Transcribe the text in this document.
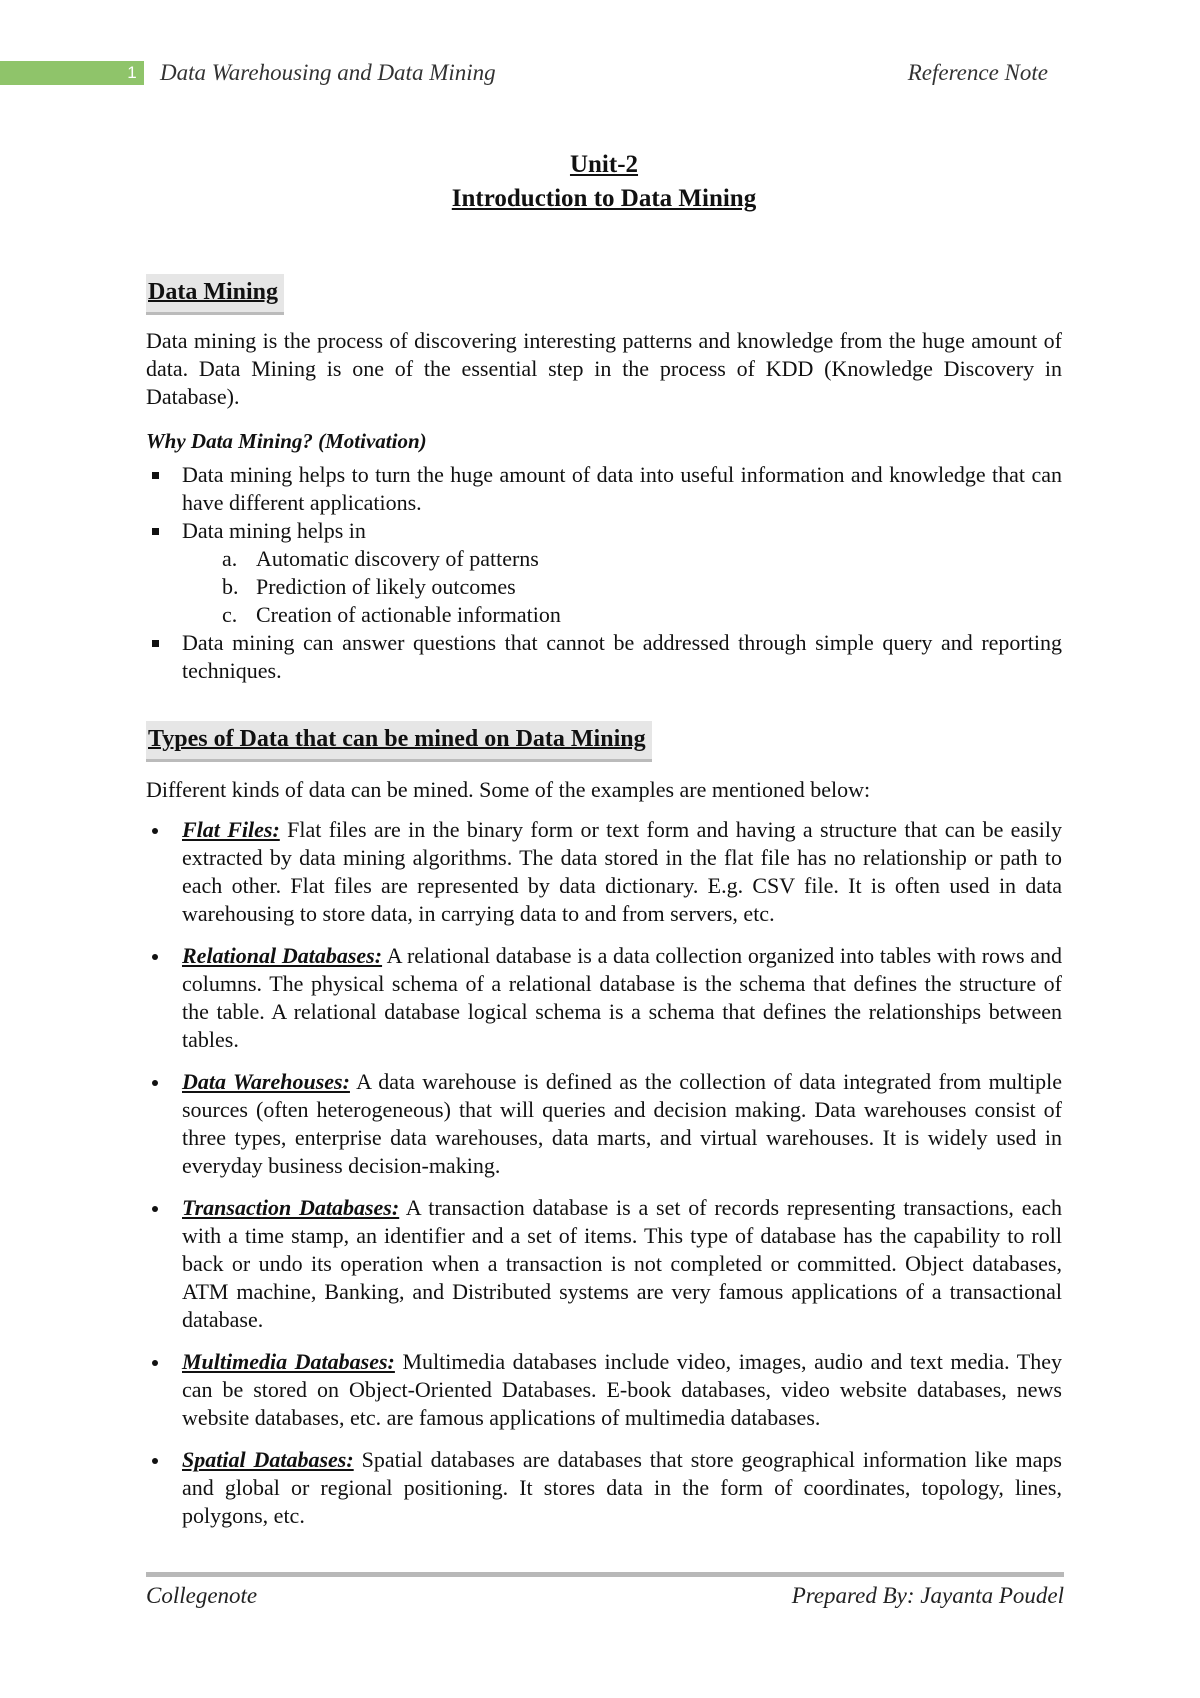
1	Data Warehousing and Data Mining	Reference Note
Unit-2
Introduction to Data Mining
Data Mining

Data mining is the process of discovering interesting patterns and knowledge from the huge amount of data. Data Mining is one of the essential step in the process of KDD (Knowledge Discovery in Database).

Why Data Mining? (Motivation)
Data mining helps to turn the huge amount of data into useful information and knowledge that can have different applications.
Data mining helps in
a. Automatic discovery of patterns
b. Prediction of likely outcomes
c. Creation of actionable information
Data mining can answer questions that cannot be addressed through simple query and reporting techniques.
Types of Data that can be mined on Data Mining

Different kinds of data can be mined. Some of the examples are mentioned below:

Flat Files: Flat files are in the binary form or text form and having a structure that can be easily extracted by data mining algorithms. The data stored in the flat file has no relationship or path to each other. Flat files are represented by data dictionary. E.g. CSV file. It is often used in data warehousing to store data, in carrying data to and from servers, etc.
Relational Databases: A relational database is a data collection organized into tables with rows and columns. The physical schema of a relational database is the schema that defines the structure of the table. A relational database logical schema is a schema that defines the relationships between tables.
Data Warehouses: A data warehouse is defined as the collection of data integrated from multiple sources (often heterogeneous) that will queries and decision making. Data warehouses consist of three types, enterprise data warehouses, data marts, and virtual warehouses. It is widely used in everyday business decision-making.
Transaction Databases: A transaction database is a set of records representing transactions, each with a time stamp, an identifier and a set of items. This type of database has the capability to roll back or undo its operation when a transaction is not completed or committed. Object databases, ATM machine, Banking, and Distributed systems are very famous applications of a transactional database.
Multimedia Databases: Multimedia databases include video, images, audio and text media. They can be stored on Object-Oriented Databases. E-book databases, video website databases, news website databases, etc. are famous applications of multimedia databases.
Spatial Databases: Spatial databases are databases that store geographical information like maps and global or regional positioning. It stores data in the form of coordinates, topology, lines, polygons, etc.
Collegenote	Prepared By: Jayanta Poudel
